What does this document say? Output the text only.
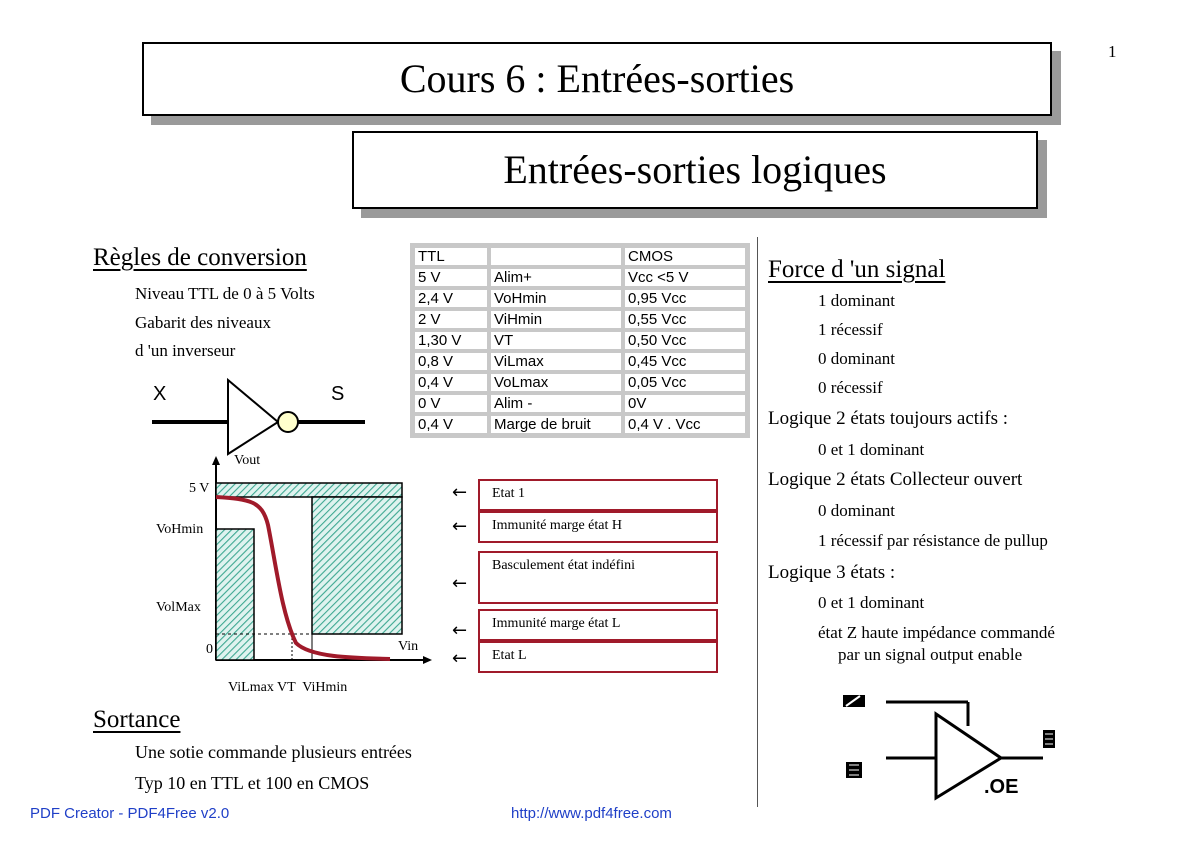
1
Cours 6 : Entrées-sorties
Entrées-sorties logiques
Règles de conversion
Niveau TTL de 0 à 5 Volts
Gabarit des niveaux
d 'un inverseur
X	S
Vout
Vin
5 V
VoHmin
VolMax
0
ViLmax VT  ViHmin
Sortance
Une sotie commande plusieurs entrées
Typ 10 en TTL et 100 en CMOS
TTL		CMOS
5 V	Alim+	Vcc <5 V
2,4 V	VoHmin	0,95 Vcc
2 V	ViHmin	0,55 Vcc
1,30 V	VT	0,50 Vcc
0,8 V	ViLmax	0,45 Vcc
0,4 V	VoLmax	0,05 Vcc
0 V	Alim -	0V
0,4 V	Marge de bruit	0,4 V . Vcc
←	Etat 1
←	Immunité marge état H
←
Basculement état indéfini
←	Immunité marge état L
←	Etat L
Force d 'un signal
1 dominant
1 récessif
0 dominant
0 récessif
Logique 2 états toujours actifs :
0 et 1 dominant
Logique 2 états Collecteur ouvert
0 dominant
1 récessif par résistance de pullup
Logique 3 états :
0 et 1 dominant
état Z haute impédance commandé
par un signal output enable
.OE
PDF Creator - PDF4Free v2.0	http://www.pdf4free.com
